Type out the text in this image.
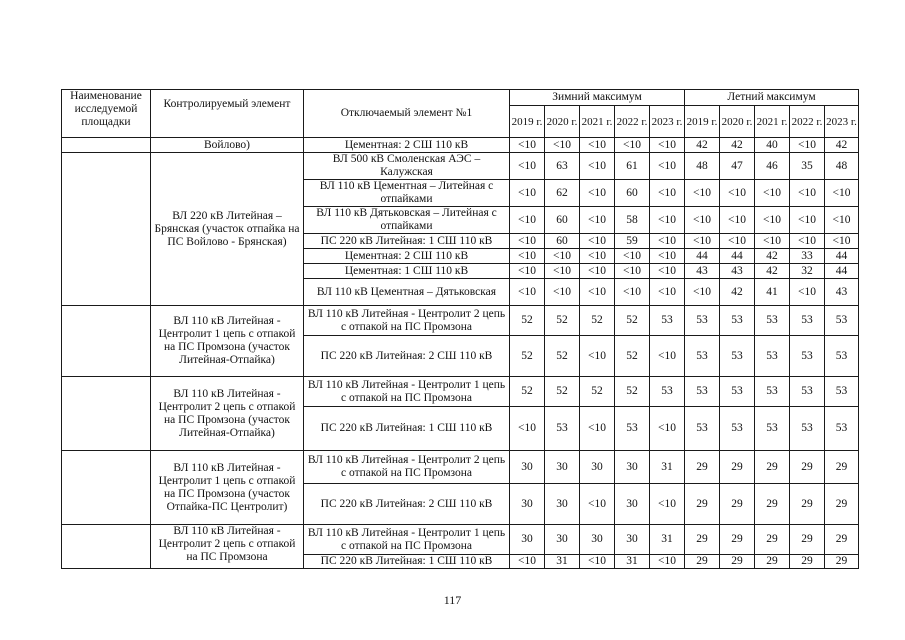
Наименование исследуемой площадки	Контролируемый элемент	Отключаемый элемент №1	Зимний максимум					Летний максимум				
			2019 г.	2020 г.	2021 г.	2022 г.	2023 г.	2019 г.	2020 г.	2021 г.	2022 г.	2023 г.
	Войлово)	Цементная: 2 СШ 110 кВ	<10	<10	<10	<10	<10	42	42	40	<10	42
	ВЛ 220 кВ Литейная – Брянская (участок отпайка на ПС Войлово - Брянская)	ВЛ 500 кВ Смоленская АЭС – Калужская	<10	63	<10	61	<10	48	47	46	35	48
		ВЛ 110 кВ Цементная – Литейная с отпайками	<10	62	<10	60	<10	<10	<10	<10	<10	<10
		ВЛ 110 кВ Дятьковская – Литейная с отпайками	<10	60	<10	58	<10	<10	<10	<10	<10	<10
		ПС 220 кВ Литейная: 1 СШ 110 кВ	<10	60	<10	59	<10	<10	<10	<10	<10	<10
		Цементная: 2 СШ 110 кВ	<10	<10	<10	<10	<10	44	44	42	33	44
		Цементная: 1 СШ 110 кВ	<10	<10	<10	<10	<10	43	43	42	32	44
		ВЛ 110 кВ Цементная – Дятьковская	<10	<10	<10	<10	<10	<10	42	41	<10	43
	ВЛ 110 кВ Литейная - Центролит 1 цепь с отпакой на ПС Промзона (участок Литейная-Отпайка)	ВЛ 110 кВ Литейная - Центролит 2 цепь с отпакой на ПС Промзона	52	52	52	52	53	53	53	53	53	53
		ПС 220 кВ Литейная: 2 СШ 110 кВ	52	52	<10	52	<10	53	53	53	53	53
	ВЛ 110 кВ Литейная - Центролит 2 цепь с отпакой на ПС Промзона (участок Литейная-Отпайка)	ВЛ 110 кВ Литейная - Центролит 1 цепь с отпакой на ПС Промзона	52	52	52	52	53	53	53	53	53	53
		ПС 220 кВ Литейная: 1 СШ 110 кВ	<10	53	<10	53	<10	53	53	53	53	53
	ВЛ 110 кВ Литейная - Центролит 1 цепь с отпакой на ПС Промзона (участок Отпайка-ПС Центролит)	ВЛ 110 кВ Литейная - Центролит 2 цепь с отпакой на ПС Промзона	30	30	30	30	31	29	29	29	29	29
		ПС 220 кВ Литейная: 2 СШ 110 кВ	30	30	<10	30	<10	29	29	29	29	29
	ВЛ 110 кВ Литейная - Центролит 2 цепь с отпакой на ПС Промзона	ВЛ 110 кВ Литейная - Центролит 1 цепь с отпакой на ПС Промзона	30	30	30	30	31	29	29	29	29	29
		ПС 220 кВ Литейная: 1 СШ 110 кВ	<10	31	<10	31	<10	29	29	29	29	29
117
